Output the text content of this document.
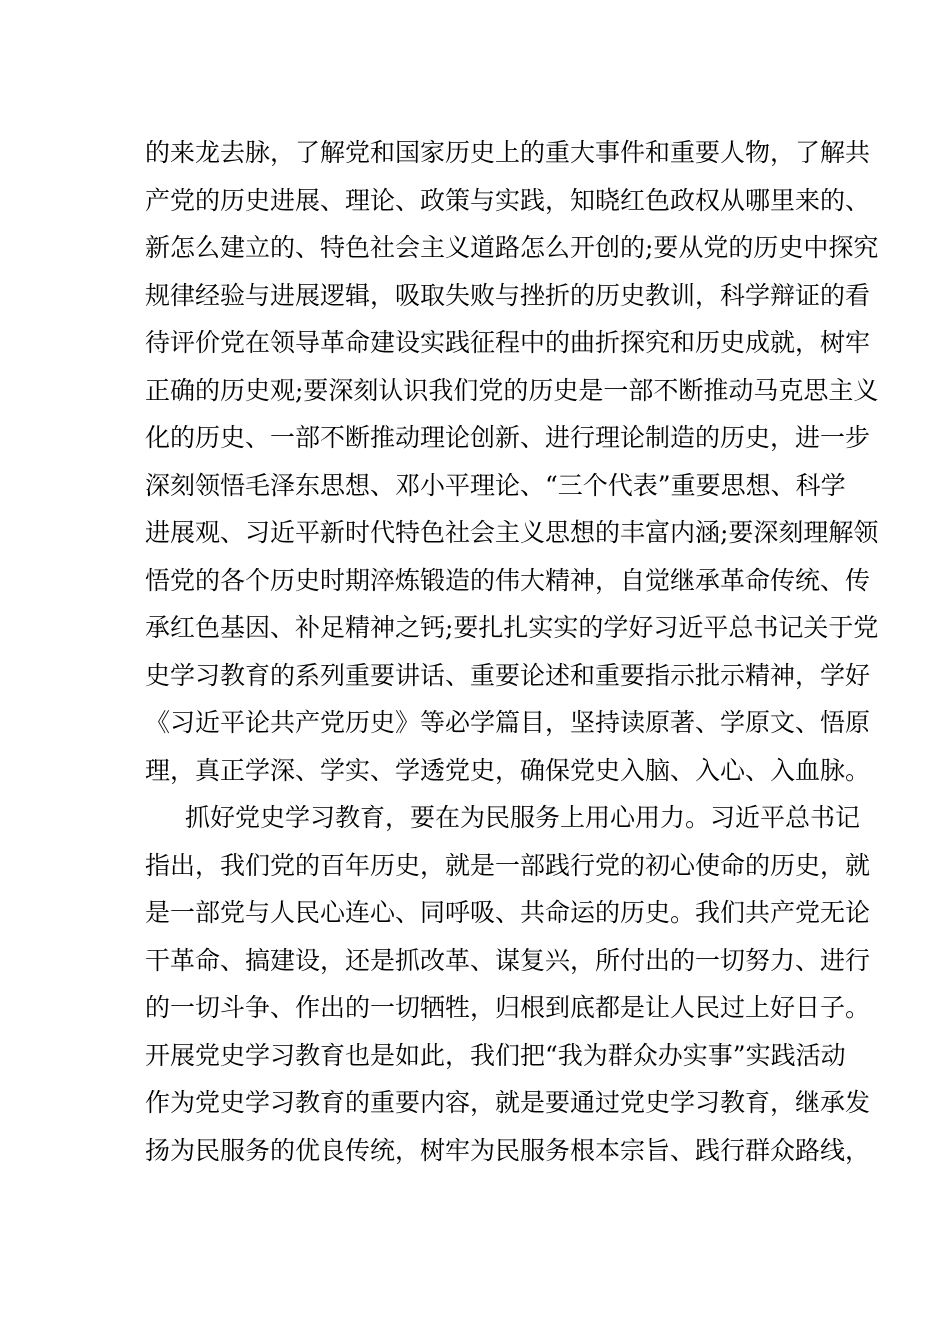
的来龙去脉，了解党和国家历史上的重大事件和重要人物，了解共
产党的历史进展、理论、政策与实践，知晓红色政权从哪里来的、
新怎么建立的、特色社会主义道路怎么开创的;要从党的历史中探究
规律经验与进展逻辑，吸取失败与挫折的历史教训，科学辩证的看
待评价党在领导革命建设实践征程中的曲折探究和历史成就，树牢
正确的历史观;要深刻认识我们党的历史是一部不断推动马克思主义
化的历史、一部不断推动理论创新、进行理论制造的历史，进一步
深刻领悟毛泽东思想、邓小平理论、“三个代表”重要思想、科学
进展观、习近平新时代特色社会主义思想的丰富内涵;要深刻理解领
悟党的各个历史时期淬炼锻造的伟大精神，自觉继承革命传统、传
承红色基因、补足精神之钙;要扎扎实实的学好习近平总书记关于党
史学习教育的系列重要讲话、重要论述和重要指示批示精神，学好
《习近平论共产党历史》等必学篇目，坚持读原著、学原文、悟原
理，真正学深、学实、学透党史，确保党史入脑、入心、入血脉。
抓好党史学习教育，要在为民服务上用心用力。习近平总书记
指出，我们党的百年历史，就是一部践行党的初心使命的历史，就
是一部党与人民心连心、同呼吸、共命运的历史。我们共产党无论
干革命、搞建设，还是抓改革、谋复兴，所付出的一切努力、进行
的一切斗争、作出的一切牺牲，归根到底都是让人民过上好日子。
开展党史学习教育也是如此，我们把“我为群众办实事”实践活动
作为党史学习教育的重要内容，就是要通过党史学习教育，继承发
扬为民服务的优良传统，树牢为民服务根本宗旨、践行群众路线，
